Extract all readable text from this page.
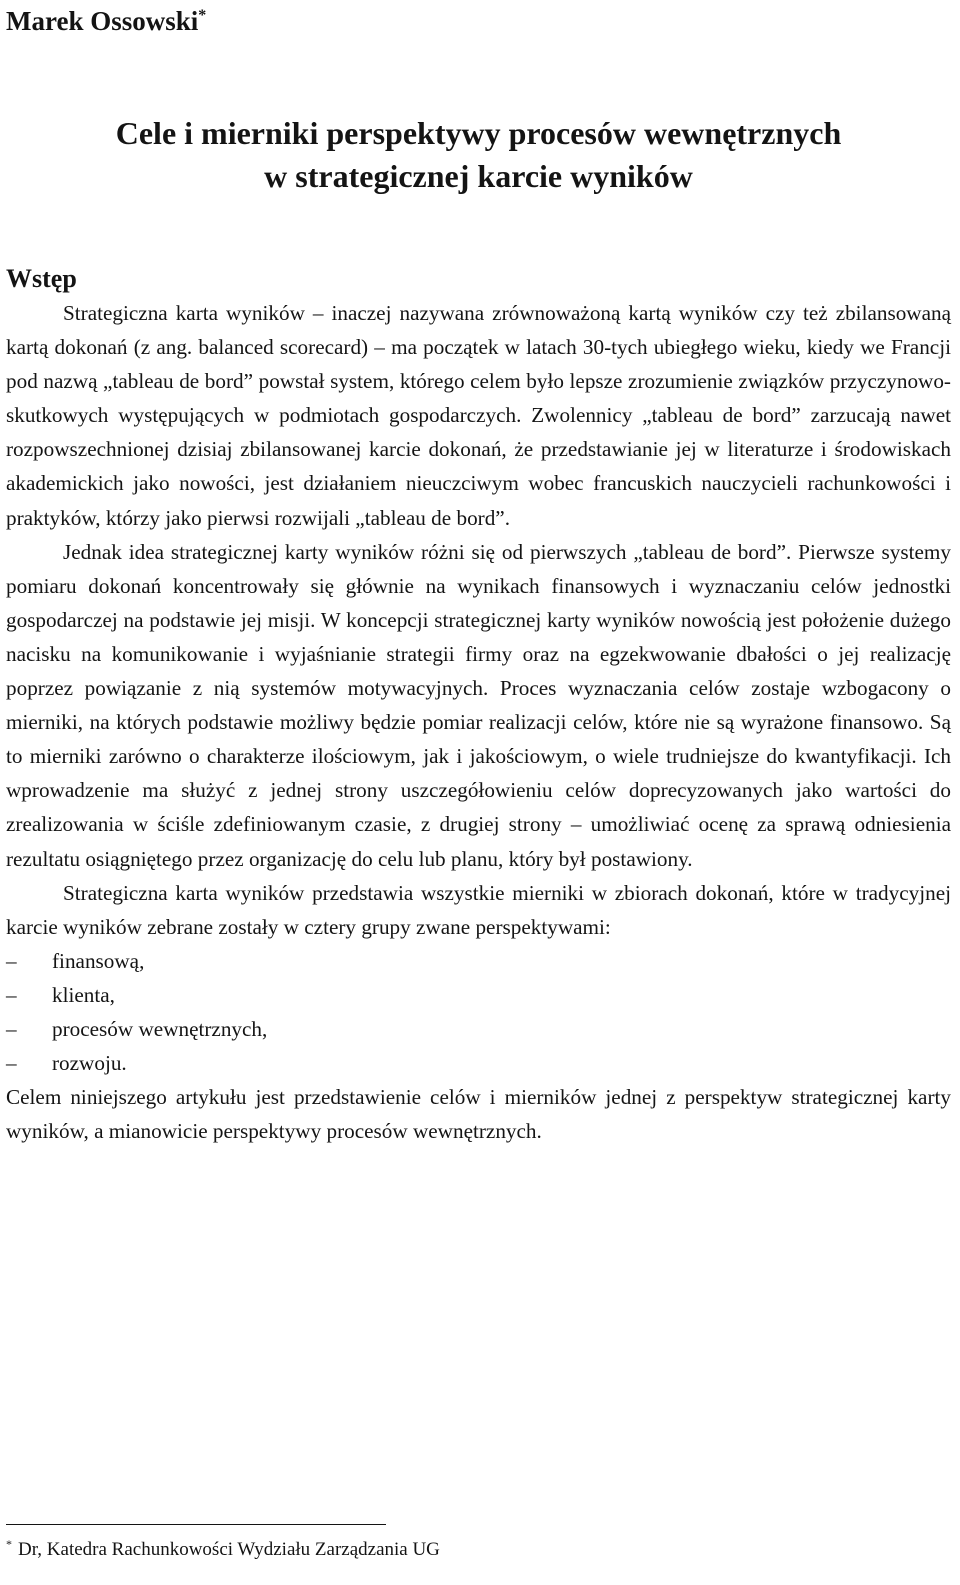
Marek Ossowski*
Cele i mierniki perspektywy procesów wewnętrznych
w strategicznej karcie wyników
Wstęp

Strategiczna karta wyników – inaczej nazywana zrównoważoną kartą wyników czy też zbilansowaną kartą dokonań (z ang. balanced scorecard) – ma początek w latach 30-tych ubiegłego wieku, kiedy we Francji pod nazwą „tableau de bord” powstał system, którego celem było lepsze zrozumienie związków przyczynowo-skutkowych występujących w podmiotach gospodarczych. Zwolennicy „tableau de bord” zarzucają nawet rozpowszechnionej dzisiaj zbilansowanej karcie dokonań, że przedstawianie jej w literaturze i środowiskach akademickich jako nowości, jest działaniem nieuczciwym wobec francuskich nauczycieli rachunkowości i praktyków, którzy jako pierwsi rozwijali „tableau de bord”.

Jednak idea strategicznej karty wyników różni się od pierwszych „tableau de bord”. Pierwsze systemy pomiaru dokonań koncentrowały się głównie na wynikach finansowych i wyznaczaniu celów jednostki gospodarczej na podstawie jej misji. W koncepcji strategicznej karty wyników nowością jest położenie dużego nacisku na komunikowanie i wyjaśnianie strategii firmy oraz na egzekwowanie dbałości o jej realizację poprzez powiązanie z nią systemów motywacyjnych. Proces wyznaczania celów zostaje wzbogacony o mierniki, na których podstawie możliwy będzie pomiar realizacji celów, które nie są wyrażone finansowo. Są to mierniki zarówno o charakterze ilościowym, jak i jakościowym, o wiele trudniejsze do kwantyfikacji. Ich wprowadzenie ma służyć z jednej strony uszczegółowieniu celów doprecyzowanych jako wartości do zrealizowania w ściśle zdefiniowanym czasie, z drugiej strony – umożliwiać ocenę za sprawą odniesienia rezultatu osiągniętego przez organizację do celu lub planu, który był postawiony.

Strategiczna karta wyników przedstawia wszystkie mierniki w zbiorach dokonań, które w tradycyjnej karcie wyników zebrane zostały w cztery grupy zwane perspektywami:

–	finansową,
–	klienta,
–	procesów wewnętrznych,
–	rozwoju.

Celem niniejszego artykułu jest przedstawienie celów i mierników jednej z perspektyw strategicznej karty wyników, a mianowicie perspektywy procesów wewnętrznych.

* Dr, Katedra Rachunkowości Wydziału Zarządzania UG
